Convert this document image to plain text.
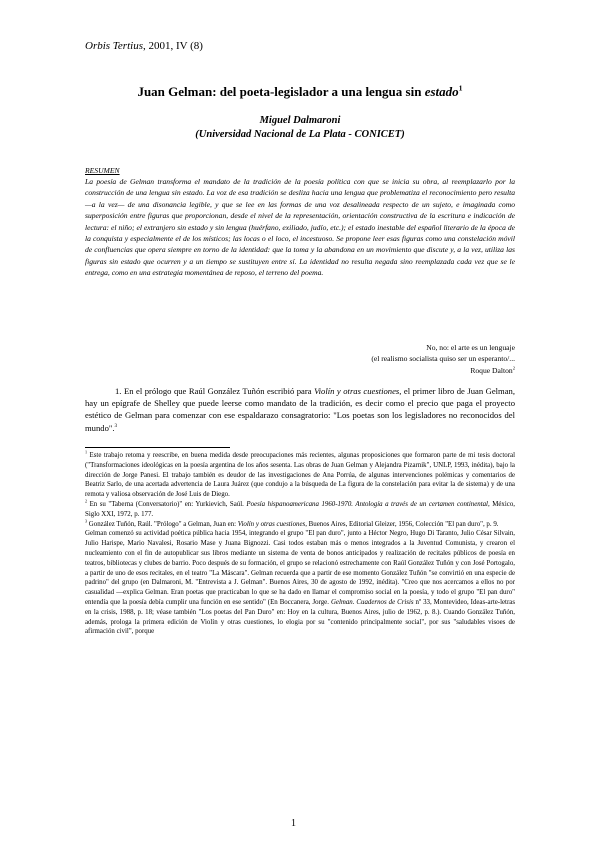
Orbis Tertius, 2001, IV (8)
Juan Gelman: del poeta-legislador a una lengua sin estado$^1$
Miguel Dalmaroni
(Universidad Nacional de La Plata - CONICET)
RESUMEN
La poesía de Gelman transforma el mandato de la tradición de la poesía política con que se inicia su obra, al reemplazarlo por la construcción de una lengua sin estado. La voz de esa tradición se desliza hacia una lengua que problematiza el reconocimiento pero resulta —a la vez— de una disonancia legible, y que se lee en las formas de una voz desalineada respecto de un sujeto, e imaginada como superposición entre figuras que proporcionan, desde el nivel de la representación, orientación constructiva de la escritura e indicación de lectura: el niño; el extranjero sin estado y sin lengua (huérfano, exiliado, judío, etc.); el estado inestable del español literario de la época de la conquista y especialmente el de los místicos; las locas o el loco, el incestuoso. Se propone leer esas figuras como una constelación móvil de confluencias que opera siempre en torno de la identidad: que la toma y la abandona en un movimiento que discute y, a la vez, utiliza las figuras sin estado que ocurren y a un tiempo se sustituyen entre sí. La identidad no resulta negada sino reemplazada cada vez que se le entrega, como en una estrategia momentánea de reposo, el terreno del poema.
No, no: el arte es un lenguaje
(el realismo socialista quiso ser un esperanto/...
Roque Dalton$^2$

1. En el prólogo que Raúl González Tuñón escribió para Violín y otras cuestiones, el primer libro de Juan Gelman, hay un epígrafe de Shelley que puede leerse como mandato de la tradición, es decir como el precio que paga el proyecto estético de Gelman para comenzar con ese espaldarazo consagratorio: "Los poetas son los legisladores no reconocidos del mundo".$^3$

$^1$ Este trabajo retoma y reescribe, en buena medida desde preocupaciones más recientes, algunas proposiciones que formaron parte de mi tesis doctoral ("Transformaciones ideológicas en la poesía argentina de los años sesenta. Las obras de Juan Gelman y Alejandra Pizarnik", UNLP, 1993, inédita), bajo la dirección de Jorge Panesi. El trabajo también es deudor de las investigaciones de Ana Porrúa, de algunas intervenciones polémicas y comentarios de Beatriz Sarlo, de una acertada advertencia de Laura Juárez (que condujo a la búsqueda de La figura de la constelación para evitar la de sistema) y de una remota y valiosa observación de José Luis de Diego.

$^2$ En su "Taberna (Conversatorio)" en: Yurkievich, Saúl. Poesía hispanoamericana 1960-1970. Antología a través de un certamen continental, México, Siglo XXI, 1972, p. 177.

$^3$ González Tuñón, Raúl. "Prólogo" a Gelman, Juan en: Violín y otras cuestiones, Buenos Aires, Editorial Gleizer, 1956, Colección "El pan duro", p. 9.

Gelman comenzó su actividad poética pública hacia 1954, integrando el grupo "El pan duro", junto a Héctor Negro, Hugo Di Taranto, Julio César Silvain, Julio Harispe, Mario Navalesi, Rosario Mase y Juana Bignozzi. Casi todos estaban más o menos integrados a la Juventud Comunista, y crearon el nucleamiento con el fin de autopublicar sus libros mediante un sistema de venta de bonos anticipados y realización de recitales públicos de poesía en teatros, bibliotecas y clubes de barrio. Poco después de su formación, el grupo se relacionó estrechamente con Raúl González Tuñón y con José Portogalo, a partir de uno de esos recitales, en el teatro "La Máscara". Gelman recuerda que a partir de ese momento González Tuñón "se convirtió en una especie de padrino" del grupo (en Dalmaroni, M. "Entrevista a J. Gelman". Buenos Aires, 30 de agosto de 1992, inédita). "Creo que nos acercamos a ellos no por casualidad —explica Gelman. Eran poetas que practicaban lo que se ha dado en llamar el compromiso social en la poesía, y todo el grupo "El pan duro" entendía que la poesía debía cumplir una función en ese sentido" (En Boccanera, Jorge. Gelman. Cuadernos de Crisis nº 33, Montevideo, Ideas-arte-letras en la crisis, 1988, p. 18; véase también "Los poetas del Pan Duro" en: Hoy en la cultura, Buenos Aires, julio de 1962, p. 8.). Cuando González Tuñón, además, prologa la primera edición de Violín y otras cuestiones, lo elogia por su "contenido principalmente social", por sus "saludables visoes de afirmación civil", porque

1
